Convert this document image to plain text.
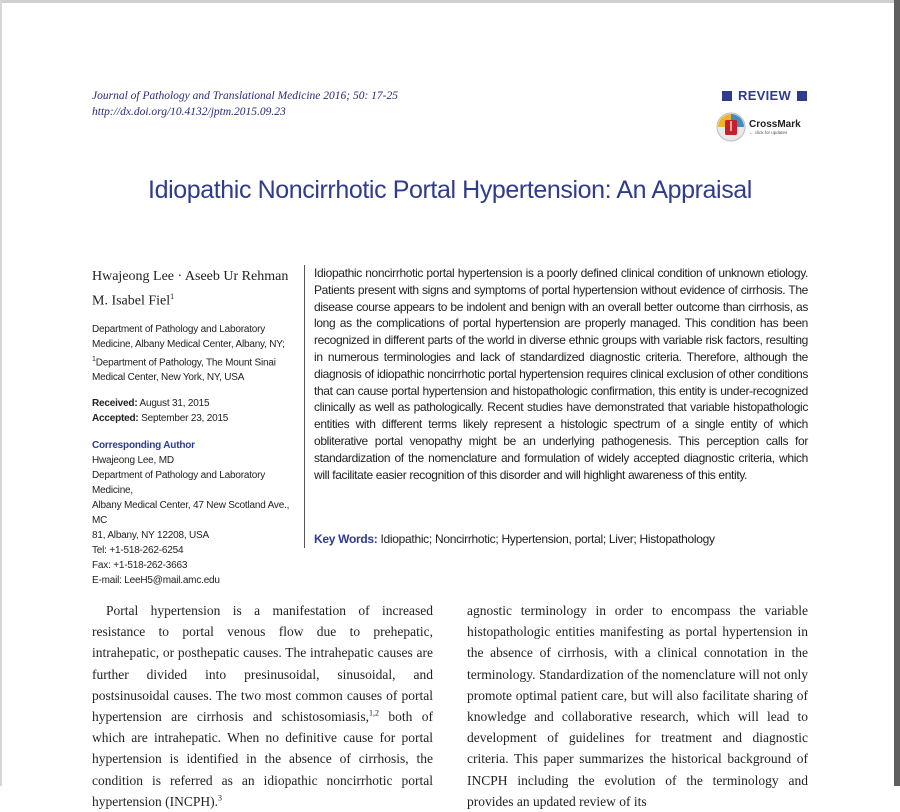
Journal of Pathology and Translational Medicine 2016; 50: 17-25
http://dx.doi.org/10.4132/jptm.2015.09.23
REVIEW
CrossMark
← click for updates
Idiopathic Noncirrhotic Portal Hypertension: An Appraisal
Hwajeong Lee · Aseeb Ur Rehman
M. Isabel Fiel$^1$
Department of Pathology and Laboratory
Medicine, Albany Medical Center, Albany, NY;
$^1$Department of Pathology, The Mount Sinai
Medical Center, New York, NY, USA
Received: August 31, 2015
Accepted: September 23, 2015
Corresponding Author
Hwajeong Lee, MD
Department of Pathology and Laboratory Medicine,
Albany Medical Center, 47 New Scotland Ave., MC
81, Albany, NY 12208, USA
Tel: +1-518-262-6254
Fax: +1-518-262-3663
E-mail: LeeH5@mail.amc.edu

Idiopathic noncirrhotic portal hypertension is a poorly defined clinical condition of unknown etiology. Patients present with signs and symptoms of portal hypertension without evidence of cirrhosis. The disease course appears to be indolent and benign with an overall better outcome than cirrhosis, as long as the complications of portal hypertension are properly managed. This condition has been recognized in different parts of the world in diverse ethnic groups with variable risk factors, resulting in numerous terminologies and lack of standardized diagnostic criteria. Therefore, although the diagnosis of idiopathic noncirrhotic portal hypertension requires clinical exclusion of other conditions that can cause portal hypertension and histopathologic confirmation, this entity is under-recognized clinically as well as pathologically. Recent studies have demonstrated that variable histopathologic entities with different terms likely represent a histologic spectrum of a single entity of which obliterative portal venopathy might be an underlying pathogenesis. This perception calls for standardization of the nomenclature and formulation of widely accepted diagnostic criteria, which will facilitate easier recognition of this disorder and will highlight awareness of this entity.

Key Words: Idiopathic; Noncirrhotic; Hypertension, portal; Liver; Histopathology

Portal hypertension is a manifestation of increased resistance to portal venous flow due to prehepatic, intrahepatic, or posthepatic causes. The intrahepatic causes are further divided into presinusoidal, sinusoidal, and postsinusoidal causes. The two most common causes of portal hypertension are cirrhosis and schistosomiasis,$^{1,2}$ both of which are intrahepatic. When no definitive cause for portal hypertension is identified in the absence of cirrhosis, the condition is referred as an idiopathic noncirrhotic portal hypertension (INCPH).$^3$

agnostic terminology in order to encompass the variable histopathologic entities manifesting as portal hypertension in the absence of cirrhosis, with a clinical connotation in the terminology. Standardization of the nomenclature will not only promote optimal patient care, but will also facilitate sharing of knowledge and collaborative research, which will lead to development of guidelines for treatment and diagnostic criteria. This paper summarizes the historical background of INCPH including the evolution of the terminology and provides an updated review of its
